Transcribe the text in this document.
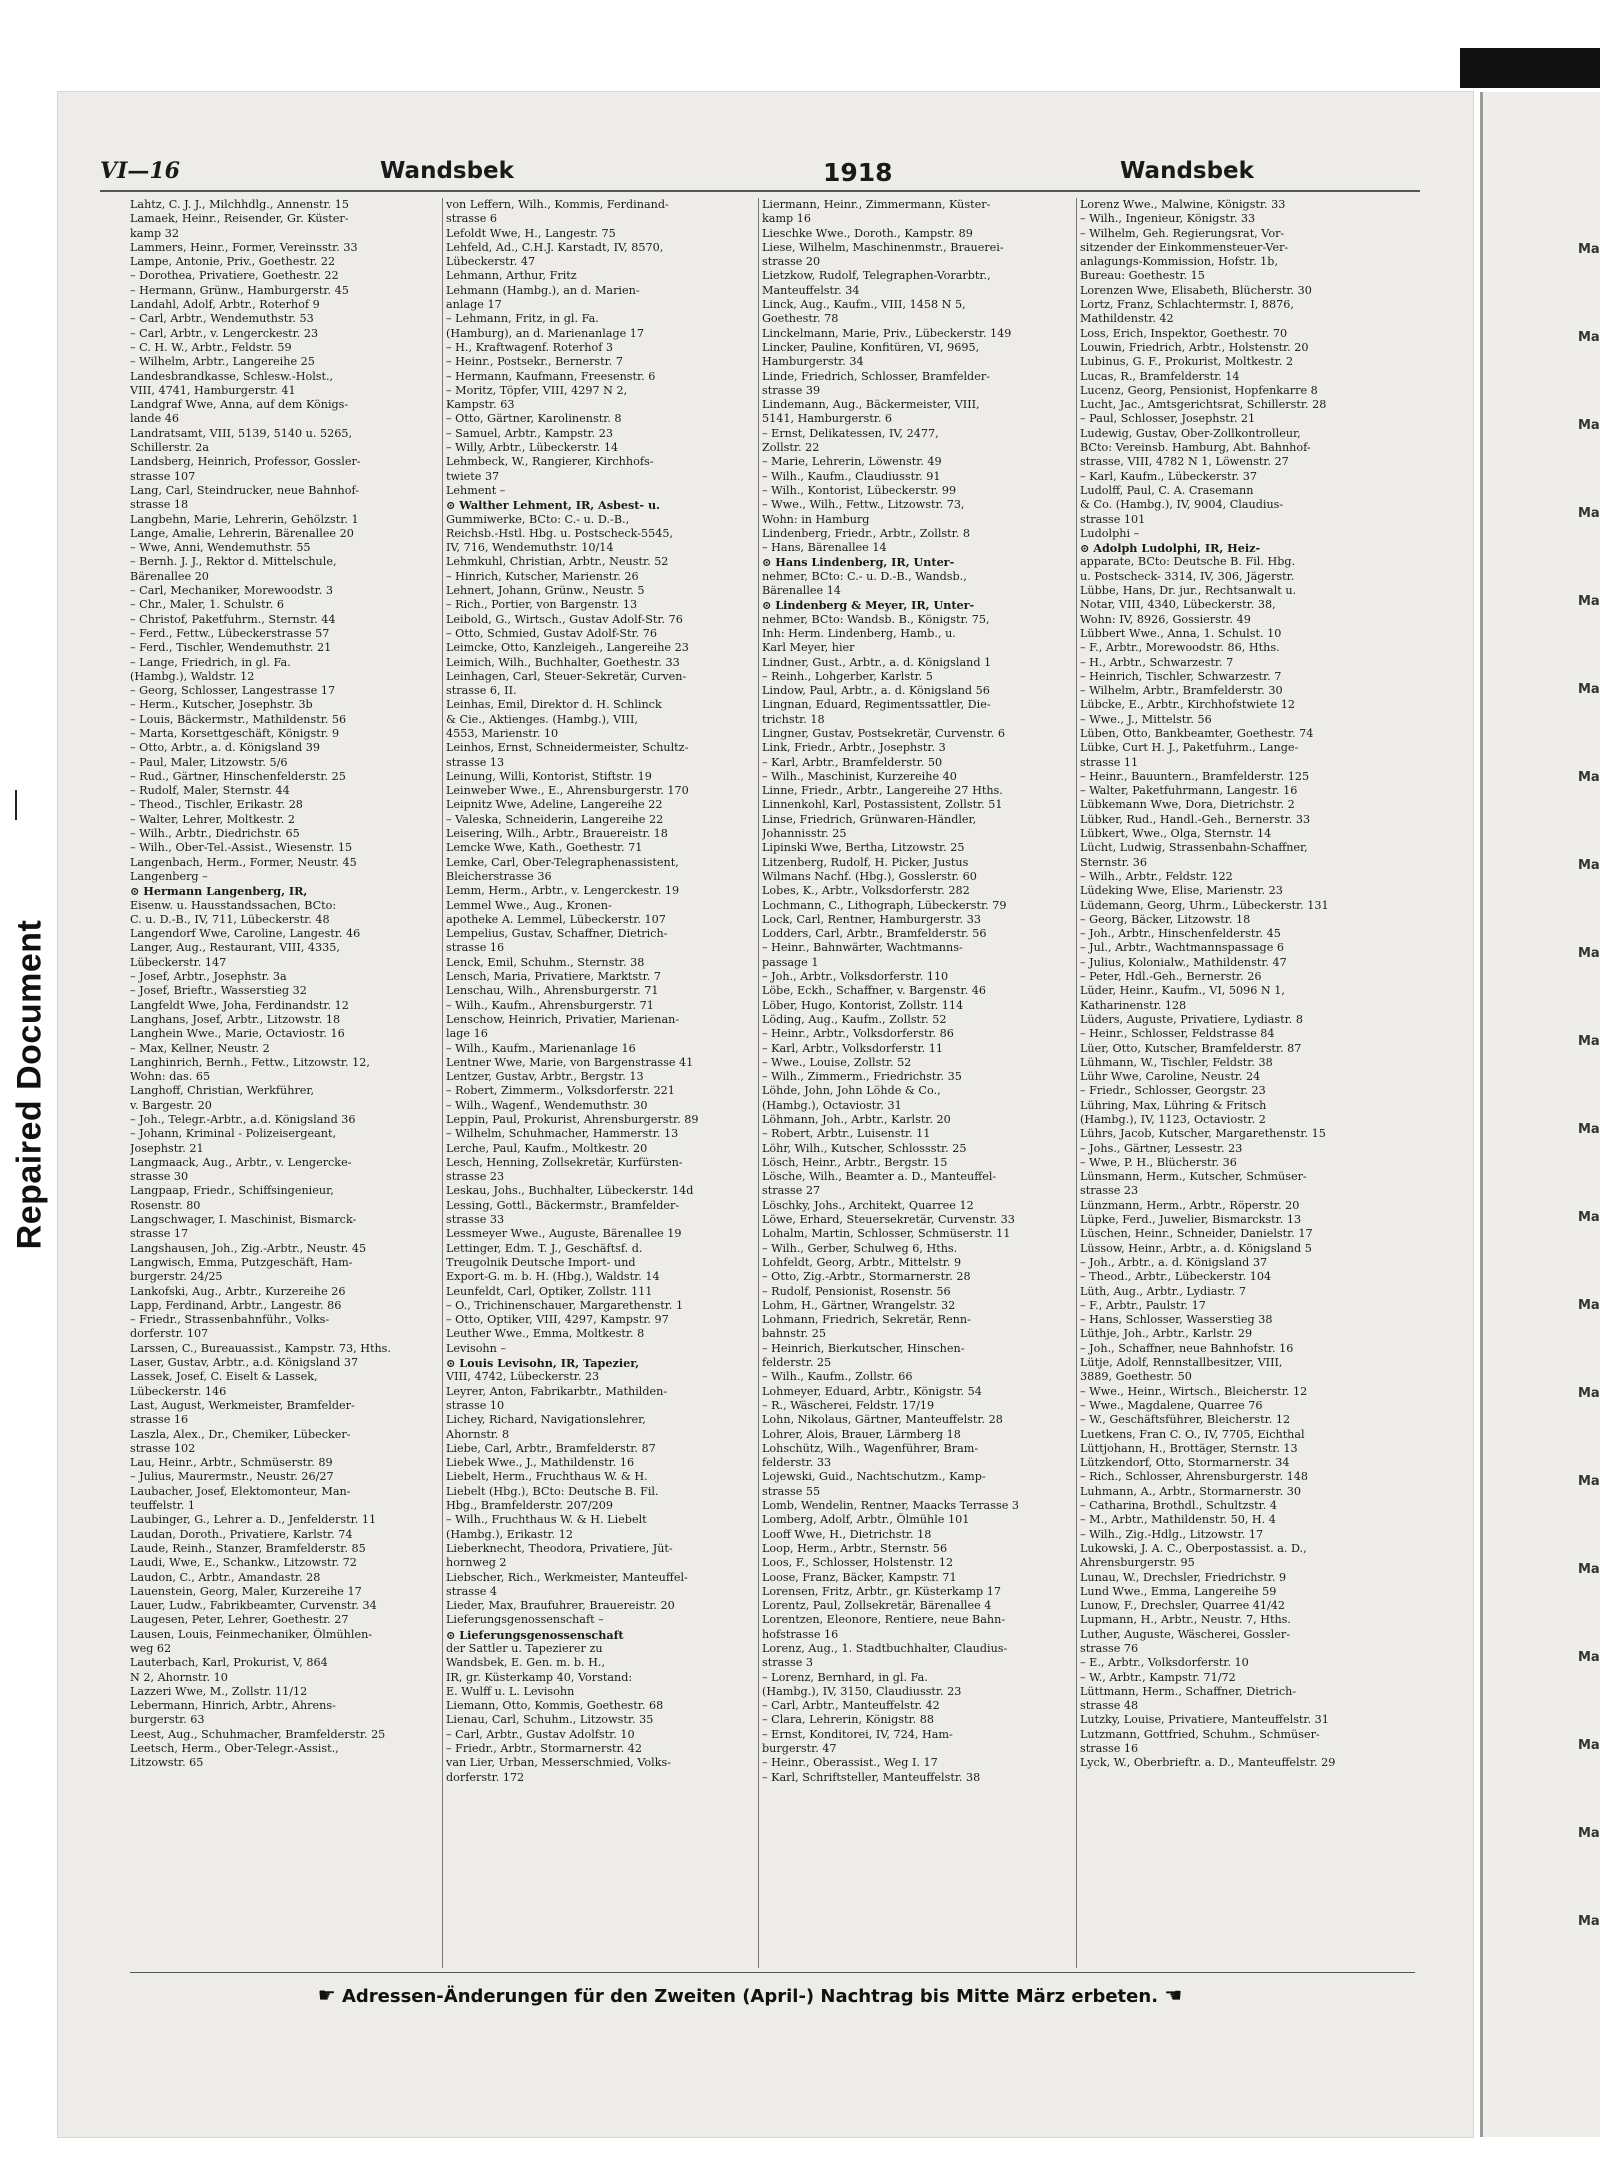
Repaired Document
Ma
Ma
Ma
Ma
Ma
Ma
Ma
Ma
Ma
Ma
Ma
Ma
Ma
Ma
Ma
Ma
Ma
Ma
Ma
Ma
VI—16	Wandsbek	1918	Wandsbek
Lahtz, C. J. J., Milchhdlg., Annenstr. 15
Lamaek, Heinr., Reisender, Gr. Küster-
kamp 32
Lammers, Heinr., Former, Vereinsstr. 33
Lampe, Antonie, Priv., Goethestr. 22
– Dorothea, Privatiere, Goethestr. 22
– Hermann, Grünw., Hamburgerstr. 45
Landahl, Adolf, Arbtr., Roterhof 9
– Carl, Arbtr., Wendemuthstr. 53
– Carl, Arbtr., v. Lengerckestr. 23
– C. H. W., Arbtr., Feldstr. 59
– Wilhelm, Arbtr., Langereihe 25
Landesbrandkasse, Schlesw.-Holst.,
VIII, 4741, Hamburgerstr. 41
Landgraf Wwe, Anna, auf dem Königs-
lande 46
Landratsamt, VIII, 5139, 5140 u. 5265,
Schillerstr. 2a
Landsberg, Heinrich, Professor, Gossler-
strasse 107
Lang, Carl, Steindrucker, neue Bahnhof-
strasse 18
Langbehn, Marie, Lehrerin, Gehölzstr. 1
Lange, Amalie, Lehrerin, Bärenallee 20
– Wwe, Anni, Wendemuthstr. 55
– Bernh. J. J., Rektor d. Mittelschule,
Bärenallee 20
– Carl, Mechaniker, Morewoodstr. 3
– Chr., Maler, 1. Schulstr. 6
– Christof, Paketfuhrm., Sternstr. 44
– Ferd., Fettw., Lübeckerstrasse 57
– Ferd., Tischler, Wendemuthstr. 21
– Lange, Friedrich, in gl. Fa.
(Hambg.), Waldstr. 12
– Georg, Schlosser, Langestrasse 17
– Herm., Kutscher, Josephstr. 3b
– Louis, Bäckermstr., Mathildenstr. 56
– Marta, Korsettgeschäft, Königstr. 9
– Otto, Arbtr., a. d. Königsland 39
– Paul, Maler, Litzowstr. 5/6
– Rud., Gärtner, Hinschenfelderstr. 25
– Rudolf, Maler, Sternstr. 44
– Theod., Tischler, Erikastr. 28
– Walter, Lehrer, Moltkestr. 2
– Wilh., Arbtr., Diedrichstr. 65
– Wilh., Ober-Tel.-Assist., Wiesenstr. 15
Langenbach, Herm., Former, Neustr. 45
Langenberg –
⊙ Hermann Langenberg, IR,
Eisenw. u. Hausstandssachen, BCto:
C. u. D.-B., IV, 711, Lübeckerstr. 48
Langendorf Wwe, Caroline, Langestr. 46
Langer, Aug., Restaurant, VIII, 4335,
Lübeckerstr. 147
– Josef, Arbtr., Josephstr. 3a
– Josef, Brieftr., Wasserstieg 32
Langfeldt Wwe, Joha, Ferdinandstr. 12
Langhans, Josef, Arbtr., Litzowstr. 18
Langhein Wwe., Marie, Octaviostr. 16
– Max, Kellner, Neustr. 2
Langhinrich, Bernh., Fettw., Litzowstr. 12,
Wohn: das. 65
Langhoff, Christian, Werkführer,
v. Bargestr. 20
– Joh., Telegr.-Arbtr., a.d. Königsland 36
– Johann, Kriminal - Polizeisergeant,
Josephstr. 21
Langmaack, Aug., Arbtr., v. Lengercke-
strasse 30
Langpaap, Friedr., Schiffsingenieur,
Rosenstr. 80
Langschwager, I. Maschinist, Bismarck-
strasse 17
Langshausen, Joh., Zig.-Arbtr., Neustr. 45
Langwisch, Emma, Putzgeschäft, Ham-
burgerstr. 24/25
Lankofski, Aug., Arbtr., Kurzereihe 26
Lapp, Ferdinand, Arbtr., Langestr. 86
– Friedr., Strassenbahnführ., Volks-
dorferstr. 107
Larssen, C., Bureauassist., Kampstr. 73, Hths.
Laser, Gustav, Arbtr., a.d. Königsland 37
Lassek, Josef, C. Eiselt & Lassek,
Lübeckerstr. 146
Last, August, Werkmeister, Bramfelder-
strasse 16
Laszla, Alex., Dr., Chemiker, Lübecker-
strasse 102
Lau, Heinr., Arbtr., Schmüserstr. 89
– Julius, Maurermstr., Neustr. 26/27
Laubacher, Josef, Elektomonteur, Man-
teuffelstr. 1
Laubinger, G., Lehrer a. D., Jenfelderstr. 11
Laudan, Doroth., Privatiere, Karlstr. 74
Laude, Reinh., Stanzer, Bramfelderstr. 85
Laudi, Wwe, E., Schankw., Litzowstr. 72
Laudon, C., Arbtr., Amandastr. 28
Lauenstein, Georg, Maler, Kurzereihe 17
Lauer, Ludw., Fabrikbeamter, Curvenstr. 34
Laugesen, Peter, Lehrer, Goethestr. 27
Lausen, Louis, Feinmechaniker, Ölmühlen-
weg 62
Lauterbach, Karl, Prokurist, V, 864
N 2, Ahornstr. 10
Lazzeri Wwe, M., Zollstr. 11/12
Lebermann, Hinrich, Arbtr., Ahrens-
burgerstr. 63
Leest, Aug., Schuhmacher, Bramfelderstr. 25
Leetsch, Herm., Ober-Telegr.-Assist.,
Litzowstr. 65
von Leffern, Wilh., Kommis, Ferdinand-
strasse 6
Lefoldt Wwe, H., Langestr. 75
Lehfeld, Ad., C.H.J. Karstadt, IV, 8570,
Lübeckerstr. 47
Lehmann, Arthur, Fritz
Lehmann (Hambg.), an d. Marien-
anlage 17
– Lehmann, Fritz, in gl. Fa.
(Hamburg), an d. Marienanlage 17
– H., Kraftwagenf. Roterhof 3
– Heinr., Postsekr., Bernerstr. 7
– Hermann, Kaufmann, Freesenstr. 6
– Moritz, Töpfer, VIII, 4297 N 2,
Kampstr. 63
– Otto, Gärtner, Karolinenstr. 8
– Samuel, Arbtr., Kampstr. 23
– Willy, Arbtr., Lübeckerstr. 14
Lehmbeck, W., Rangierer, Kirchhofs-
twiete 37
Lehment –
⊙ Walther Lehment, IR, Asbest- u.
Gummiwerke, BCto: C.- u. D.-B.,
Reichsb.-Hstl. Hbg. u. Postscheck-5545,
IV, 716, Wendemuthstr. 10/14
Lehmkuhl, Christian, Arbtr., Neustr. 52
– Hinrich, Kutscher, Marienstr. 26
Lehnert, Johann, Grünw., Neustr. 5
– Rich., Portier, von Bargenstr. 13
Leibold, G., Wirtsch., Gustav Adolf-Str. 76
– Otto, Schmied, Gustav Adolf-Str. 76
Leimcke, Otto, Kanzleigeh., Langereihe 23
Leimich, Wilh., Buchhalter, Goethestr. 33
Leinhagen, Carl, Steuer-Sekretär, Curven-
strasse 6, II.
Leinhas, Emil, Direktor d. H. Schlinck
& Cie., Aktienges. (Hambg.), VIII,
4553, Marienstr. 10
Leinhos, Ernst, Schneidermeister, Schultz-
strasse 13
Leinung, Willi, Kontorist, Stiftstr. 19
Leinweber Wwe., E., Ahrensburgerstr. 170
Leipnitz Wwe, Adeline, Langereihe 22
– Valeska, Schneiderin, Langereihe 22
Leisering, Wilh., Arbtr., Brauereistr. 18
Lemcke Wwe, Kath., Goethestr. 71
Lemke, Carl, Ober-Telegraphenassistent,
Bleicherstrasse 36
Lemm, Herm., Arbtr., v. Lengerckestr. 19
Lemmel Wwe., Aug., Kronen-
apotheke A. Lemmel, Lübeckerstr. 107
Lempelius, Gustav, Schaffner, Dietrich-
strasse 16
Lenck, Emil, Schuhm., Sternstr. 38
Lensch, Maria, Privatiere, Marktstr. 7
Lenschau, Wilh., Ahrensburgerstr. 71
– Wilh., Kaufm., Ahrensburgerstr. 71
Lenschow, Heinrich, Privatier, Marienan-
lage 16
– Wilh., Kaufm., Marienanlage 16
Lentner Wwe, Marie, von Bargenstrasse 41
Lentzer, Gustav, Arbtr., Bergstr. 13
– Robert, Zimmerm., Volksdorferstr. 221
– Wilh., Wagenf., Wendemuthstr. 30
Leppin, Paul, Prokurist, Ahrensburgerstr. 89
– Wilhelm, Schuhmacher, Hammerstr. 13
Lerche, Paul, Kaufm., Moltkestr. 20
Lesch, Henning, Zollsekretär, Kurfürsten-
strasse 23
Leskau, Johs., Buchhalter, Lübeckerstr. 14d
Lessing, Gottl., Bäckermstr., Bramfelder-
strasse 33
Lessmeyer Wwe., Auguste, Bärenallee 19
Lettinger, Edm. T. J., Geschäftsf. d.
Treugolnik Deutsche Import- und
Export-G. m. b. H. (Hbg.), Waldstr. 14
Leunfeldt, Carl, Optiker, Zollstr. 111
– O., Trichinenschauer, Margarethenstr. 1
– Otto, Optiker, VIII, 4297, Kampstr. 97
Leuther Wwe., Emma, Moltkestr. 8
Levisohn –
⊙ Louis Levisohn, IR, Tapezier,
VIII, 4742, Lübeckerstr. 23
Leyrer, Anton, Fabrikarbtr., Mathilden-
strasse 10
Lichey, Richard, Navigationslehrer,
Ahornstr. 8
Liebe, Carl, Arbtr., Bramfelderstr. 87
Liebek Wwe., J., Mathildenstr. 16
Liebelt, Herm., Fruchthaus W. & H.
Liebelt (Hbg.), BCto: Deutsche B. Fil.
Hbg., Bramfelderstr. 207/209
– Wilh., Fruchthaus W. & H. Liebelt
(Hambg.), Erikastr. 12
Lieberknecht, Theodora, Privatiere, Jüt-
hornweg 2
Liebscher, Rich., Werkmeister, Manteuffel-
strasse 4
Lieder, Max, Braufuhrer, Brauereistr. 20
Lieferungsgenossenschaft –
⊙ Lieferungsgenossenschaft
der Sattler u. Tapezierer zu
Wandsbek, E. Gen. m. b. H.,
IR, gr. Küsterkamp 40, Vorstand:
E. Wulff u. L. Levisohn
Liemann, Otto, Kommis, Goethestr. 68
Lienau, Carl, Schuhm., Litzowstr. 35
– Carl, Arbtr., Gustav Adolfstr. 10
– Friedr., Arbtr., Stormarnerstr. 42
van Lier, Urban, Messerschmied, Volks-
dorferstr. 172
Liermann, Heinr., Zimmermann, Küster-
kamp 16
Lieschke Wwe., Doroth., Kampstr. 89
Liese, Wilhelm, Maschinenmstr., Brauerei-
strasse 20
Lietzkow, Rudolf, Telegraphen-Vorarbtr.,
Manteuffelstr. 34
Linck, Aug., Kaufm., VIII, 1458 N 5,
Goethestr. 78
Linckelmann, Marie, Priv., Lübeckerstr. 149
Lincker, Pauline, Konfitüren, VI, 9695,
Hamburgerstr. 34
Linde, Friedrich, Schlosser, Bramfelder-
strasse 39
Lindemann, Aug., Bäckermeister, VIII,
5141, Hamburgerstr. 6
– Ernst, Delikatessen, IV, 2477,
Zollstr. 22
– Marie, Lehrerin, Löwenstr. 49
– Wilh., Kaufm., Claudiusstr. 91
– Wilh., Kontorist, Lübeckerstr. 99
– Wwe., Wilh., Fettw., Litzowstr. 73,
Wohn: in Hamburg
Lindenberg, Friedr., Arbtr., Zollstr. 8
– Hans, Bärenallee 14
⊙ Hans Lindenberg, IR, Unter-
nehmer, BCto: C.- u. D.-B., Wandsb.,
Bärenallee 14
⊙ Lindenberg & Meyer, IR, Unter-
nehmer, BCto: Wandsb. B., Königstr. 75,
Inh: Herm. Lindenberg, Hamb., u.
Karl Meyer, hier
Lindner, Gust., Arbtr., a. d. Königsland 1
– Reinh., Lohgerber, Karlstr. 5
Lindow, Paul, Arbtr., a. d. Königsland 56
Lingnan, Eduard, Regimentssattler, Die-
trichstr. 18
Lingner, Gustav, Postsekretär, Curvenstr. 6
Link, Friedr., Arbtr., Josephstr. 3
– Karl, Arbtr., Bramfelderstr. 50
– Wilh., Maschinist, Kurzereihe 40
Linne, Friedr., Arbtr., Langereihe 27 Hths.
Linnenkohl, Karl, Postassistent, Zollstr. 51
Linse, Friedrich, Grünwaren-Händler,
Johannisstr. 25
Lipinski Wwe, Bertha, Litzowstr. 25
Litzenberg, Rudolf, H. Picker, Justus
Wilmans Nachf. (Hbg.), Gosslerstr. 60
Lobes, K., Arbtr., Volksdorferstr. 282
Lochmann, C., Lithograph, Lübeckerstr. 79
Lock, Carl, Rentner, Hamburgerstr. 33
Lodders, Carl, Arbtr., Bramfelderstr. 56
– Heinr., Bahnwärter, Wachtmanns-
passage 1
– Joh., Arbtr., Volksdorferstr. 110
Löbe, Eckh., Schaffner, v. Bargenstr. 46
Löber, Hugo, Kontorist, Zollstr. 114
Löding, Aug., Kaufm., Zollstr. 52
– Heinr., Arbtr., Volksdorferstr. 86
– Karl, Arbtr., Volksdorferstr. 11
– Wwe., Louise, Zollstr. 52
– Wilh., Zimmerm., Friedrichstr. 35
Löhde, John, John Löhde & Co.,
(Hambg.), Octaviostr. 31
Löhmann, Joh., Arbtr., Karlstr. 20
– Robert, Arbtr., Luisenstr. 11
Löhr, Wilh., Kutscher, Schlossstr. 25
Lösch, Heinr., Arbtr., Bergstr. 15
Lösche, Wilh., Beamter a. D., Manteuffel-
strasse 27
Löschky, Johs., Architekt, Quarree 12
Löwe, Erhard, Steuersekretär, Curvenstr. 33
Lohalm, Martin, Schlosser, Schmüserstr. 11
– Wilh., Gerber, Schulweg 6, Hths.
Lohfeldt, Georg, Arbtr., Mittelstr. 9
– Otto, Zig.-Arbtr., Stormarnerstr. 28
– Rudolf, Pensionist, Rosenstr. 56
Lohm, H., Gärtner, Wrangelstr. 32
Lohmann, Friedrich, Sekretär, Renn-
bahnstr. 25
– Heinrich, Bierkutscher, Hinschen-
felderstr. 25
– Wilh., Kaufm., Zollstr. 66
Lohmeyer, Eduard, Arbtr., Königstr. 54
– R., Wäscherei, Feldstr. 17/19
Lohn, Nikolaus, Gärtner, Manteuffelstr. 28
Lohrer, Alois, Brauer, Lärmberg 18
Lohschütz, Wilh., Wagenführer, Bram-
felderstr. 33
Lojewski, Guid., Nachtschutzm., Kamp-
strasse 55
Lomb, Wendelin, Rentner, Maacks Terrasse 3
Lomberg, Adolf, Arbtr., Ölmühle 101
Looff Wwe, H., Dietrichstr. 18
Loop, Herm., Arbtr., Sternstr. 56
Loos, F., Schlosser, Holstenstr. 12
Loose, Franz, Bäcker, Kampstr. 71
Lorensen, Fritz, Arbtr., gr. Küsterkamp 17
Lorentz, Paul, Zollsekretär, Bärenallee 4
Lorentzen, Eleonore, Rentiere, neue Bahn-
hofstrasse 16
Lorenz, Aug., 1. Stadtbuchhalter, Claudius-
strasse 3
– Lorenz, Bernhard, in gl. Fa.
(Hambg.), IV, 3150, Claudiusstr. 23
– Carl, Arbtr., Manteuffelstr. 42
– Clara, Lehrerin, Königstr. 88
– Ernst, Konditorei, IV, 724, Ham-
burgerstr. 47
– Heinr., Oberassist., Weg I. 17
– Karl, Schriftsteller, Manteuffelstr. 38
Lorenz Wwe., Malwine, Königstr. 33
– Wilh., Ingenieur, Königstr. 33
– Wilhelm, Geh. Regierungsrat, Vor-
sitzender der Einkommensteuer-Ver-
anlagungs-Kommission, Hofstr. 1b,
Bureau: Goethestr. 15
Lorenzen Wwe, Elisabeth, Blücherstr. 30
Lortz, Franz, Schlachtermstr. I, 8876,
Mathildenstr. 42
Loss, Erich, Inspektor, Goethestr. 70
Louwin, Friedrich, Arbtr., Holstenstr. 20
Lubinus, G. F., Prokurist, Moltkestr. 2
Lucas, R., Bramfelderstr. 14
Lucenz, Georg, Pensionist, Hopfenkarre 8
Lucht, Jac., Amtsgerichtsrat, Schillerstr. 28
– Paul, Schlosser, Josephstr. 21
Ludewig, Gustav, Ober-Zollkontrolleur,
BCto: Vereinsb. Hamburg, Abt. Bahnhof-
strasse, VIII, 4782 N 1, Löwenstr. 27
– Karl, Kaufm., Lübeckerstr. 37
Ludolff, Paul, C. A. Crasemann
& Co. (Hambg.), IV, 9004, Claudius-
strasse 101
Ludolphi –
⊙ Adolph Ludolphi, IR, Heiz-
apparate, BCto: Deutsche B. Fil. Hbg.
u. Postscheck- 3314, IV, 306, Jägerstr.
Lübbe, Hans, Dr. jur., Rechtsanwalt u.
Notar, VIII, 4340, Lübeckerstr. 38,
Wohn: IV, 8926, Gossierstr. 49
Lübbert Wwe., Anna, 1. Schulst. 10
– F., Arbtr., Morewoodstr. 86, Hths.
– H., Arbtr., Schwarzestr. 7
– Heinrich, Tischler, Schwarzestr. 7
– Wilhelm, Arbtr., Bramfelderstr. 30
Lübcke, E., Arbtr., Kirchhofstwiete 12
– Wwe., J., Mittelstr. 56
Lüben, Otto, Bankbeamter, Goethestr. 74
Lübke, Curt H. J., Paketfuhrm., Lange-
strasse 11
– Heinr., Bauuntern., Bramfelderstr. 125
– Walter, Paketfuhrmann, Langestr. 16
Lübkemann Wwe, Dora, Dietrichstr. 2
Lübker, Rud., Handl.-Geh., Bernerstr. 33
Lübkert, Wwe., Olga, Sternstr. 14
Lücht, Ludwig, Strassenbahn-Schaffner,
Sternstr. 36
– Wilh., Arbtr., Feldstr. 122
Lüdeking Wwe, Elise, Marienstr. 23
Lüdemann, Georg, Uhrm., Lübeckerstr. 131
– Georg, Bäcker, Litzowstr. 18
– Joh., Arbtr., Hinschenfelderstr. 45
– Jul., Arbtr., Wachtmannspassage 6
– Julius, Kolonialw., Mathildenstr. 47
– Peter, Hdl.-Geh., Bernerstr. 26
Lüder, Heinr., Kaufm., VI, 5096 N 1,
Katharinenstr. 128
Lüders, Auguste, Privatiere, Lydiastr. 8
– Heinr., Schlosser, Feldstrasse 84
Lüer, Otto, Kutscher, Bramfelderstr. 87
Lühmann, W., Tischler, Feldstr. 38
Lühr Wwe, Caroline, Neustr. 24
– Friedr., Schlosser, Georgstr. 23
Lühring, Max, Lühring & Fritsch
(Hambg.), IV, 1123, Octaviostr. 2
Lührs, Jacob, Kutscher, Margarethenstr. 15
– Johs., Gärtner, Lessestr. 23
– Wwe, P. H., Blücherstr. 36
Lünsmann, Herm., Kutscher, Schmüser-
strasse 23
Lünzmann, Herm., Arbtr., Röperstr. 20
Lüpke, Ferd., Juwelier, Bismarckstr. 13
Lüschen, Heinr., Schneider, Danielstr. 17
Lüssow, Heinr., Arbtr., a. d. Königsland 5
– Joh., Arbtr., a. d. Königsland 37
– Theod., Arbtr., Lübeckerstr. 104
Lüth, Aug., Arbtr., Lydiastr. 7
– F., Arbtr., Paulstr. 17
– Hans, Schlosser, Wasserstieg 38
Lüthje, Joh., Arbtr., Karlstr. 29
– Joh., Schaffner, neue Bahnhofstr. 16
Lütje, Adolf, Rennstallbesitzer, VIII,
3889, Goethestr. 50
– Wwe., Heinr., Wirtsch., Bleicherstr. 12
– Wwe., Magdalene, Quarree 76
– W., Geschäftsführer, Bleicherstr. 12
Luetkens, Fran C. O., IV, 7705, Eichthal
Lüttjohann, H., Brottäger, Sternstr. 13
Lützkendorf, Otto, Stormarnerstr. 34
– Rich., Schlosser, Ahrensburgerstr. 148
Luhmann, A., Arbtr., Stormarnerstr. 30
– Catharina, Brothdl., Schultzstr. 4
– M., Arbtr., Mathildenstr. 50, H. 4
– Wilh., Zig.-Hdlg., Litzowstr. 17
Lukowski, J. A. C., Oberpostassist. a. D.,
Ahrensburgerstr. 95
Lunau, W., Drechsler, Friedrichstr. 9
Lund Wwe., Emma, Langereihe 59
Lunow, F., Drechsler, Quarree 41/42
Lupmann, H., Arbtr., Neustr. 7, Hths.
Luther, Auguste, Wäscherei, Gossler-
strasse 76
– E., Arbtr., Volksdorferstr. 10
– W., Arbtr., Kampstr. 71/72
Lüttmann, Herm., Schaffner, Dietrich-
strasse 48
Lutzky, Louise, Privatiere, Manteuffelstr. 31
Lutzmann, Gottfried, Schuhm., Schmüser-
strasse 16
Lyck, W., Oberbrieftr. a. D., Manteuffelstr. 29
☛ Adressen-Änderungen für den Zweiten (April-) Nachtrag bis Mitte März erbeten. ☚
